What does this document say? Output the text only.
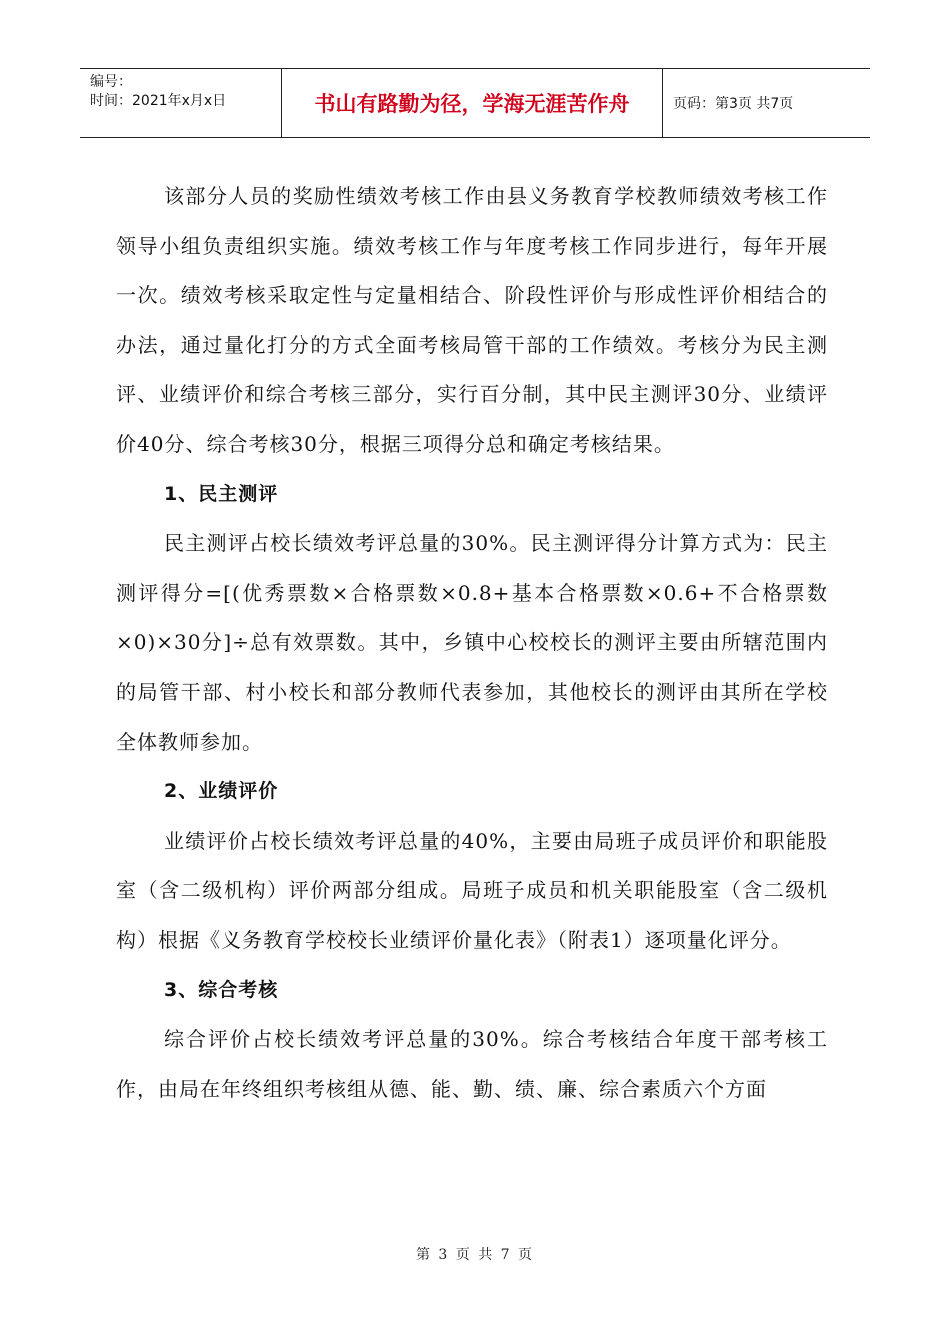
编号：
时间：2021年x月x日	书山有路勤为径，学海无涯苦作舟	页码：第3页 共7页

该部分人员的奖励性绩效考核工作由县义务教育学校教师绩效考核工作领导小组负责组织实施。绩效考核工作与年度考核工作同步进行，每年开展一次。绩效考核采取定性与定量相结合、阶段性评价与形成性评价相结合的办法，通过量化打分的方式全面考核局管干部的工作绩效。考核分为民主测评、业绩评价和综合考核三部分，实行百分制，其中民主测评30分、业绩评价40分、综合考核30分，根据三项得分总和确定考核结果。

1、民主测评

民主测评占校长绩效考评总量的30%。民主测评得分计算方式为：民主测评得分=[(优秀票数×合格票数×0.8+基本合格票数×0.6+不合格票数×0)×30分]÷总有效票数。其中，乡镇中心校校长的测评主要由所辖范围内的局管干部、村小校长和部分教师代表参加，其他校长的测评由其所在学校全体教师参加。

2、业绩评价

业绩评价占校长绩效考评总量的40%，主要由局班子成员评价和职能股室（含二级机构）评价两部分组成。局班子成员和机关职能股室（含二级机构）根据《义务教育学校校长业绩评价量化表》（附表1）逐项量化评分。

3、综合考核

综合评价占校长绩效考评总量的30%。综合考核结合年度干部考核工作，由局在年终组织考核组从德、能、勤、绩、廉、综合素质六个方面

第 3 页 共 7 页
